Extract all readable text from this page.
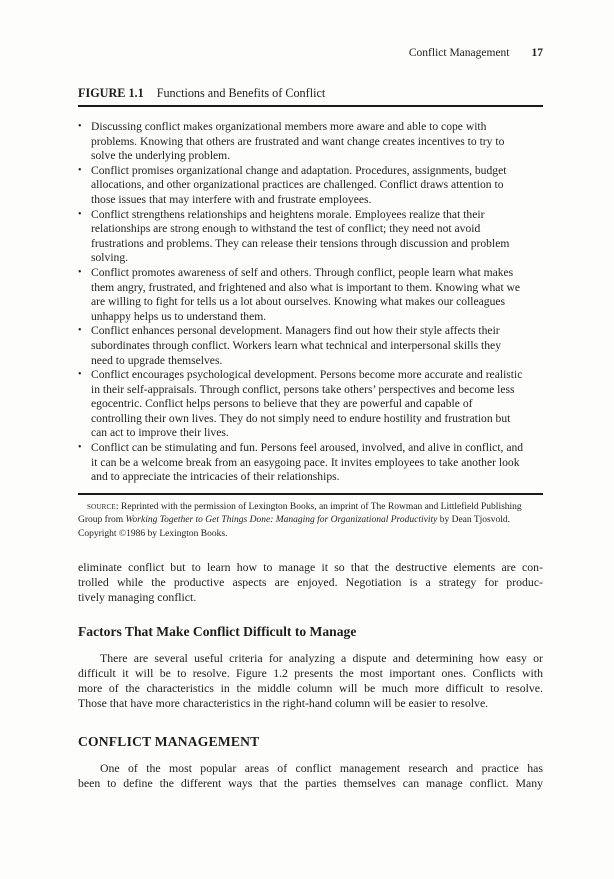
Conflict Management 17
FIGURE 1.1 Functions and Benefits of Conflict
• Discussing conflict makes organizational members more aware and able to cope with
problems. Knowing that others are frustrated and want change creates incentives to try to
solve the underlying problem.
• Conflict promises organizational change and adaptation. Procedures, assignments, budget
allocations, and other organizational practices are challenged. Conflict draws attention to
those issues that may interfere with and frustrate employees.
• Conflict strengthens relationships and heightens morale. Employees realize that their
relationships are strong enough to withstand the test of conflict; they need not avoid
frustrations and problems. They can release their tensions through discussion and problem
solving.
• Conflict promotes awareness of self and others. Through conflict, people learn what makes
them angry, frustrated, and frightened and also what is important to them. Knowing what we
are willing to fight for tells us a lot about ourselves. Knowing what makes our colleagues
unhappy helps us to understand them.
• Conflict enhances personal development. Managers find out how their style affects their
subordinates through conflict. Workers learn what technical and interpersonal skills they
need to upgrade themselves.
• Conflict encourages psychological development. Persons become more accurate and realistic
in their self-appraisals. Through conflict, persons take others’ perspectives and become less
egocentric. Conflict helps persons to believe that they are powerful and capable of
controlling their own lives. They do not simply need to endure hostility and frustration but
can act to improve their lives.
• Conflict can be stimulating and fun. Persons feel aroused, involved, and alive in conflict, and
it can be a welcome break from an easygoing pace. It invites employees to take another look
and to appreciate the intricacies of their relationships.
source: Reprinted with the permission of Lexington Books, an imprint of The Rowman and Littlefield Publishing
Group from Working Together to Get Things Done: Managing for Organizational Productivity by Dean Tjosvold.
Copyright ©1986 by Lexington Books.
eliminate conflict but to learn how to manage it so that the destructive elements are con-
trolled while the productive aspects are enjoyed. Negotiation is a strategy for produc-
tively managing conflict.
Factors That Make Conflict Difficult to Manage
There are several useful criteria for analyzing a dispute and determining how easy or
difficult it will be to resolve. Figure 1.2 presents the most important ones. Conflicts with
more of the characteristics in the middle column will be much more difficult to resolve.
Those that have more characteristics in the right-hand column will be easier to resolve.
CONFLICT MANAGEMENT
One of the most popular areas of conflict management research and practice has
been to define the different ways that the parties themselves can manage conflict. Many
